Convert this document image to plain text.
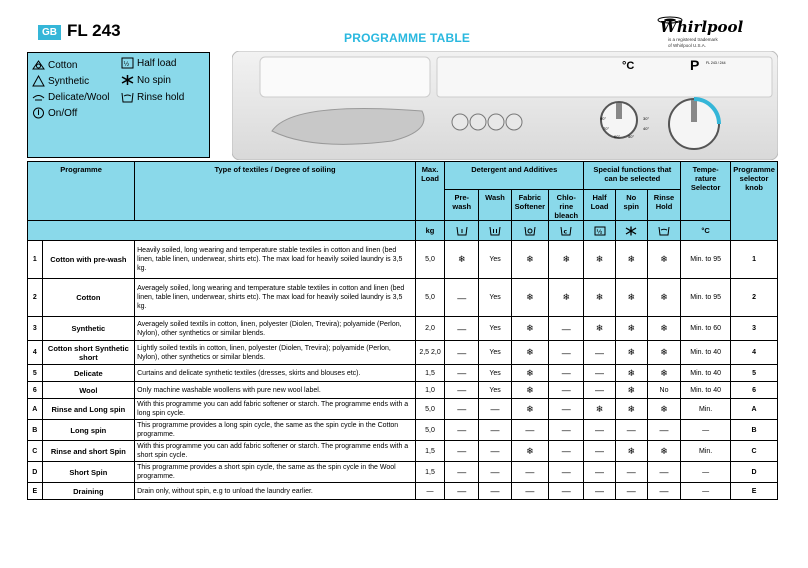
GB FL 243	PROGRAMME TABLE
Whirlpool
is a registered trademark
of Whirlpool U.S.A.
Cotton
Synthetic
Delicate/Wool
On/Off
½ Half load
No spin
Rinse hold
°C	P FL 243 / 244
30°
40°
50°
60°
70°
90°
Programme		Type of textiles / Degree of soiling	Max. Load	Detergent and Additives				Special functions that can be selected			Tempe- rature Selector	Programme selector knob
				Pre- wash	Wash	Fabric Softener	Chlo- rine bleach	Half Load	No spin	Rinse Hold		
			kg				c	½			°C	
1	Cotton with pre-wash	Heavily soiled, long wearing and temperature stable textiles in cotton and linen (bed linen, table linen, underwear, shirts etc). The max load for heavily soiled laundry is 3,5 kg.	5,0	❄	Yes	❄	❄	❄	❄	❄	Min. to 95	1
2	Cotton	Averagely soiled, long wearing and temperature stable textiles in cotton and linen (bed linen, table linen, underwear, shirts etc). The max load for heavily soiled laundry is 3,5 kg.	5,0	—	Yes	❄	❄	❄	❄	❄	Min. to 95	2
3	Synthetic	Averagely soiled textils in cotton, linen, polyester (Diolen, Trevira); polyamide (Perlon, Nylon), other synthetics or similar blends.	2,0	—	Yes	❄	—	❄	❄	❄	Min. to 60	3
4	Cotton short Synthetic short	Lightly soiled textils in cotton, linen, polyester (Diolen, Trevira); polyamide (Perlon, Nylon), other synthetics or similar blends.	2,5 2,0	—	Yes	❄	—	—	❄	❄	Min. to 40	4
5	Delicate	Curtains and delicate synthetic textiles (dresses, skirts and blouses etc).	1,5	—	Yes	❄	—	—	❄	❄	Min. to 40	5
6	Wool	Only machine washable woollens with pure new wool label.	1,0	—	Yes	❄	—	—	❄	No	Min. to 40	6
A	Rinse and Long spin	With this programme you can add fabric softener or starch. The programme ends with a long spin cycle.	5,0	—	—	❄	—	❄	❄	❄	Min.	A
B	Long spin	This programme provides a long spin cycle, the same as the spin cycle in the Cotton programme.	5,0	—	—	—	—	—	—	—	—	B
C	Rinse and short Spin	With this programme you can add fabric softener or starch. The programme ends with a short spin cycle.	1,5	—	—	❄	—	—	❄	❄	Min.	C
D	Short Spin	This programme provides a short spin cycle, the same as the spin cycle in the Wool programme.	1,5	—	—	—	—	—	—	—	—	D
E	Draining	Drain only, without spin, e.g to unload the laundry earlier.	—	—	—	—	—	—	—	—	—	E
